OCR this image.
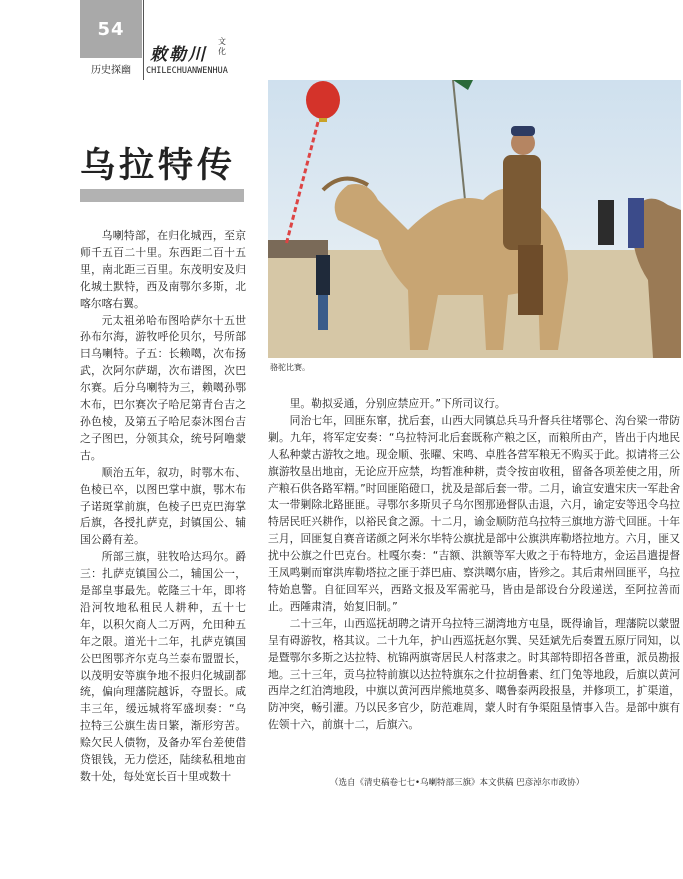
54
历史探幽
敕勒川
文化
CHILECHUANWENHUA
乌拉特传
骆驼比赛。

乌喇特部，在归化城西，至京师千五百二十里。东西距二百十五里，南北距三百里。东茂明安及归化城土默特，西及南鄂尔多斯，北喀尔喀右翼。

元太祖弟哈布图哈萨尔十五世孙布尔海，游牧呼伦贝尔，号所部曰乌喇特。子五：长赖噶，次布扬武，次阿尔萨瑚，次布谱图，次巴尔赛。后分乌喇特为三，赖噶孙鄂木布，巴尔赛次子哈尼第青台吉之孙色棱，及第五子哈尼泰沐图台吉之子图巴，分领其众，统号阿噜蒙古。

顺治五年，叙功，时鄂木布、色棱已卒，以图巴掌中旗，鄂木布子诺斑掌前旗，色棱子巴克巴海掌后旗，各授扎萨克，封镇国公、辅国公爵有差。

所部三旗，驻牧哈达玛尔。爵三：扎萨克镇国公二，辅国公一，是部皇事最先。乾隆三十年，即将沿河牧地私租民人耕种，五十七年，以积欠商人二万两，允田种五年之限。道光十二年，扎萨克镇国公巴图鄂齐尔克乌兰泰布盟盟长，以茂明安等旗争地不报归化城副都统，偏向理藩院越诉，夺盟长。咸丰三年，缓远城将军盛坝奏：“乌拉特三公旗生齿日繁，渐形穷苦。赊欠民人债物，及备办军台差使借贷银钱，无力偿还，陆续私租地亩数十处，每处宽长百十里或数十

里。勒拟妥通，分别应禁应开。”下所司议行。

同治七年，回匪东窜，扰后套，山西大同镇总兵马升督兵往堵鄂仑、沟台梁一带防剿。九年，将军定安奏：“乌拉特河北后套既称产粮之区，而粮所由产，皆出于内地民人私种蒙古游牧之地。现金顺、张曜、宋鸣、卓胜各营军粮无不购买于此。拟请将三公旗游牧垦出地亩，无论应开应禁，均暂准种耕，责令按亩收租，留备各项差使之用，所产粮石供各路军糈。”时回匪陷磴口，扰及是部后套一带。二月，谕宣安遣宋庆一军赴舍太一带剿除北路匪匪。寻鄂尔多斯贝子乌尔图那逊督队击退，六月，谕定安等迅令乌拉特居民旺兴耕作，以裕民食之源。十二月，谕金顺防范乌拉特三旗地方游弋回匪。十年三月，回匪复自赛音诺颜之阿米尔毕特公旗扰是部中公旗洪库勒塔拉地方。六月，匪又扰中公旗之什巴克台。杜嘎尔奏：“吉额、洪额等军大败之于布特地方，金运昌遣提督王凤鸣剿而窜洪库勒塔拉之匪于莽巴庙、察洪噶尔庙，皆殄之。其后肃州回匪平，乌拉特始息警。自征回军兴，西路文报及军需驼马，皆由是部设台分段递送，至阿拉善而止。西陲肃清，始复旧制。”

二十三年，山西巡抚胡聘之请开乌拉特三湖湾地方屯垦，既得谕旨，理藩院以蒙盟呈有碍游牧，格其议。二十九年，护山西巡抚赵尔巽、吴廷斌先后奏置五原厅同知，以是暨鄂尔多斯之达拉特、杭锦两旗寄居民人村落隶之。时其部特即招各普重，派员勘报地。三十三年，贡乌拉特前旗以达拉特旗东之什拉胡鲁素、红门兔等地段，后旗以黄河西岸之红泊湾地段，中旗以黄河西岸熊地莫多、噶鲁泰两段报垦，并修项工，扩渠道，防冲突，畅引灌。乃以民多官少，防范难周，蒙人时有争渠阻垦情事入告。是部中旗有佐领十六，前旗十二，后旗六。

（选自《清史稿卷七七•乌喇特部三旗》本文供稿 巴彦淖尔市政协）
